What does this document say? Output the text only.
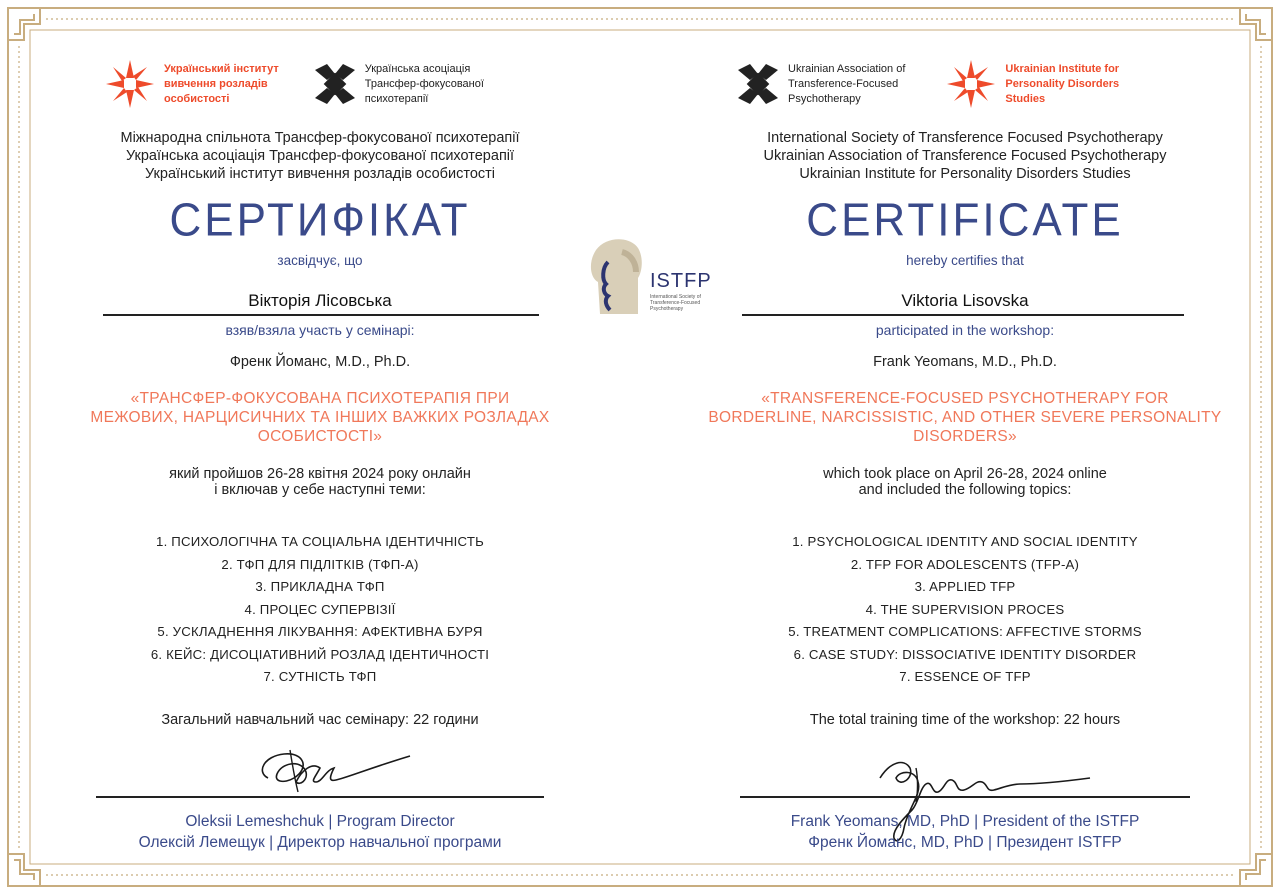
Український інститут
вивчення розладів
особистості
Українська асоціація
Трансфер-фокусованої
психотерапії
Міжнародна спільнота Трансфер-фокусованої психотерапії
Українська асоціація Трансфер-фокусованої психотерапії
Український інститут вивчення розладів особистості
СЕРТИФІКАТ
засвідчує, що
Вікторія Лісовська
взяв/взяла участь у семінарі:
Френк Йоманс, M.D., Ph.D.
«ТРАНСФЕР-ФОКУСОВАНА ПСИХОТЕРАПІЯ ПРИ
МЕЖОВИХ, НАРЦИСИЧНИХ ТА ІНШИХ ВАЖКИХ РОЗЛАДАХ
ОСОБИСТОСТІ»
який пройшов 26-28 квітня 2024 року онлайн
і включав у себе наступні теми:
1. ПСИХОЛОГІЧНА ТА СОЦІАЛЬНА ІДЕНТИЧНІСТЬ
2. ТФП ДЛЯ ПІДЛІТКІВ (ТФП-А)
3. ПРИКЛАДНА ТФП
4. ПРОЦЕС СУПЕРВІЗІЇ
5. УСКЛАДНЕННЯ ЛІКУВАННЯ: АФЕКТИВНА БУРЯ
6. КЕЙС: ДИСОЦІАТИВНИЙ РОЗЛАД ІДЕНТИЧНОСТІ
7. СУТНІСТЬ ТФП
Загальний навчальний час семінару: 22 години
Oleksii Lemeshchuk | Program Director
Олексій Лемещук | Директор навчальної програми
ISTFP
International Society of Transference-Focused Psychotherapy
Ukrainian Association of
Transference-Focused
Psychotherapy
Ukrainian Institute for
Personality Disorders
Studies
International Society of Transference Focused Psychotherapy
Ukrainian Association of Transference Focused Psychotherapy
Ukrainian Institute for Personality Disorders Studies
CERTIFICATE
hereby certifies that
Viktoria Lisovska
participated in the workshop:
Frank Yeomans, M.D., Ph.D.
«TRANSFERENCE-FOCUSED PSYCHOTHERAPY FOR
BORDERLINE, NARCISSISTIC, AND OTHER SEVERE PERSONALITY
DISORDERS»
which took place on April 26-28, 2024 online
and included the following topics:
1. PSYCHOLOGICAL IDENTITY AND SOCIAL IDENTITY
2. TFP FOR ADOLESCENTS (TFP-A)
3. APPLIED TFP
4. THE SUPERVISION PROCES
5. TREATMENT COMPLICATIONS: AFFECTIVE STORMS
6. CASE STUDY: DISSOCIATIVE IDENTITY DISORDER
7. ESSENCE OF TFP
The total training time of the workshop: 22 hours
Frank Yeomans, MD, PhD | President of the ISTFP
Френк Йоманс, MD, PhD | Президент ISTFP
